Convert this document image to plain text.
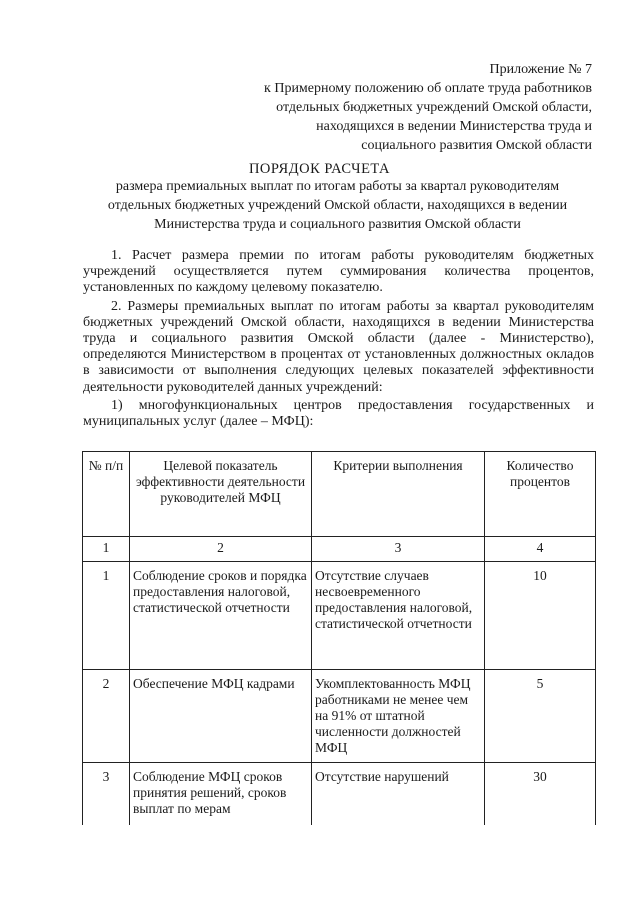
Приложение № 7
к Примерному положению об оплате труда работников
отдельных бюджетных учреждений Омской области,
находящихся в ведении Министерства труда и
социального развития Омской области
ПОРЯДОК РАСЧЕТА
размера премиальных выплат по итогам работы за квартал руководителям
отдельных бюджетных учреждений Омской области, находящихся в ведении
Министерства труда и социального развития Омской области

1. Расчет размера премии по итогам работы руководителям бюджетных учреждений осуществляется путем суммирования количества процентов, установленных по каждому целевому показателю.

2. Размеры премиальных выплат по итогам работы за квартал руководителям бюджетных учреждений Омской области, находящихся в ведении Министерства труда и социального развития Омской области (далее - Министерство), определяются Министерством в процентах от установленных должностных окладов в зависимости от выполнения следующих целевых показателей эффективности деятельности руководителей данных учреждений:

1) многофункциональных центров предоставления государственных и муниципальных услуг (далее – МФЦ):

№ п/п	Целевой показатель эффективности деятельности руководителей МФЦ	Критерии выполнения	Количество процентов
1	2	3	4
1	Соблюдение сроков и порядка предоставления налоговой, статистической отчетности	Отсутствие случаев несвоевременного предоставления налоговой, статистической отчетности	10
2	Обеспечение МФЦ кадрами	Укомплектованность МФЦ работниками не менее чем на 91% от штатной численности должностей МФЦ	5
3	Соблюдение МФЦ сроков принятия решений, сроков выплат по мерам	Отсутствие нарушений	30
